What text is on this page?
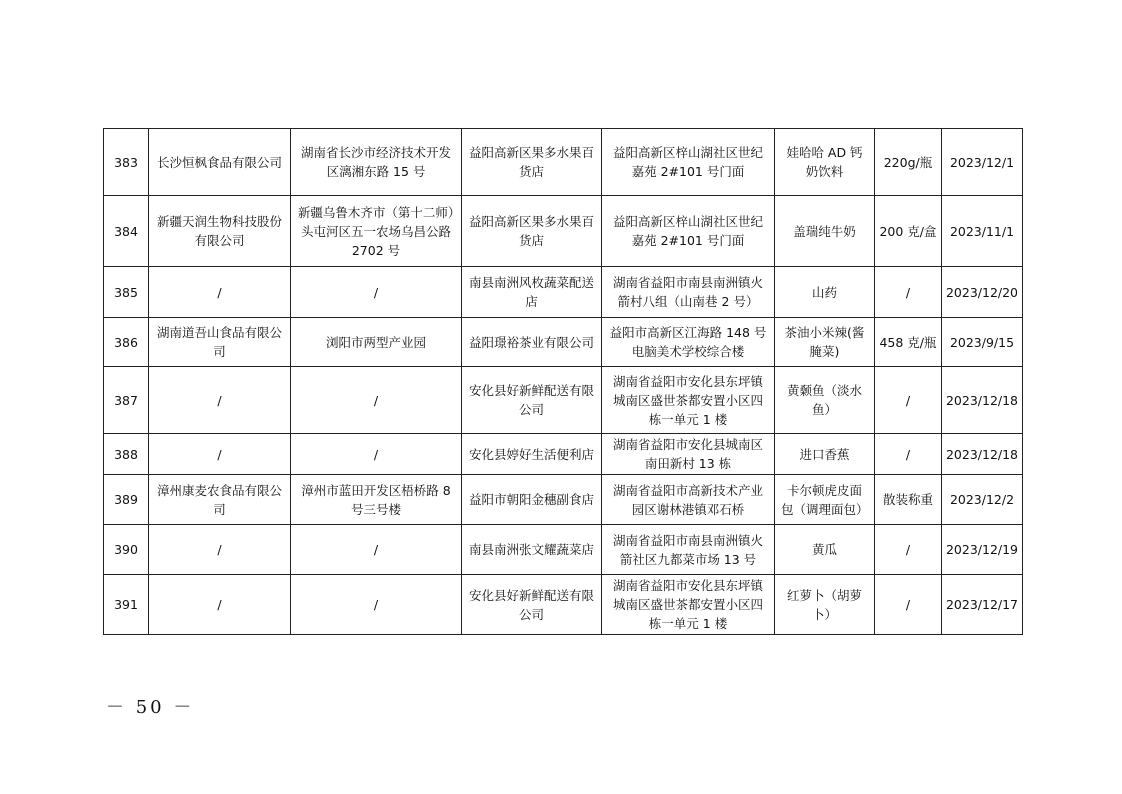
383	长沙恒枫食品有限公司	湖南省长沙市经济技术开发区漓湘东路 15 号	益阳高新区果多水果百货店	益阳高新区梓山湖社区世纪嘉苑 2#101 号门面	娃哈哈 AD 钙奶饮料	220g/瓶	2023/12/1
384	新疆天润生物科技股份有限公司	新疆乌鲁木齐市（第十二师）头屯河区五一农场乌昌公路 2702 号	益阳高新区果多水果百货店	益阳高新区梓山湖社区世纪嘉苑 2#101 号门面	盖瑞纯牛奶	200 克/盒	2023/11/1
385	/	/	南县南洲风枚蔬菜配送店	湖南省益阳市南县南洲镇火箭村八组（山南巷 2 号）	山药	/	2023/12/20
386	湖南道吾山食品有限公司	浏阳市两型产业园	益阳璟裕茶业有限公司	益阳市高新区江海路 148 号电脑美术学校综合楼	茶油小米辣(酱腌菜)	458 克/瓶	2023/9/15
387	/	/	安化县好新鲜配送有限公司	湖南省益阳市安化县东坪镇城南区盛世茶都安置小区四栋一单元 1 楼	黄颡鱼（淡水鱼）	/	2023/12/18
388	/	/	安化县婷好生活便利店	湖南省益阳市安化县城南区南田新村 13 栋	进口香蕉	/	2023/12/18
389	漳州康麦农食品有限公司	漳州市蓝田开发区梧桥路 8 号三号楼	益阳市朝阳金穗副食店	湖南省益阳市高新技术产业园区谢林港镇邓石桥	卡尔顿虎皮面包（调理面包）	散装称重	2023/12/2
390	/	/	南县南洲张文耀蔬菜店	湖南省益阳市南县南洲镇火箭社区九都菜市场 13 号	黄瓜	/	2023/12/19
391	/	/	安化县好新鲜配送有限公司	湖南省益阳市安化县东坪镇城南区盛世茶都安置小区四栋一单元 1 楼	红萝卜（胡萝卜）	/	2023/12/17
－ 50 －
